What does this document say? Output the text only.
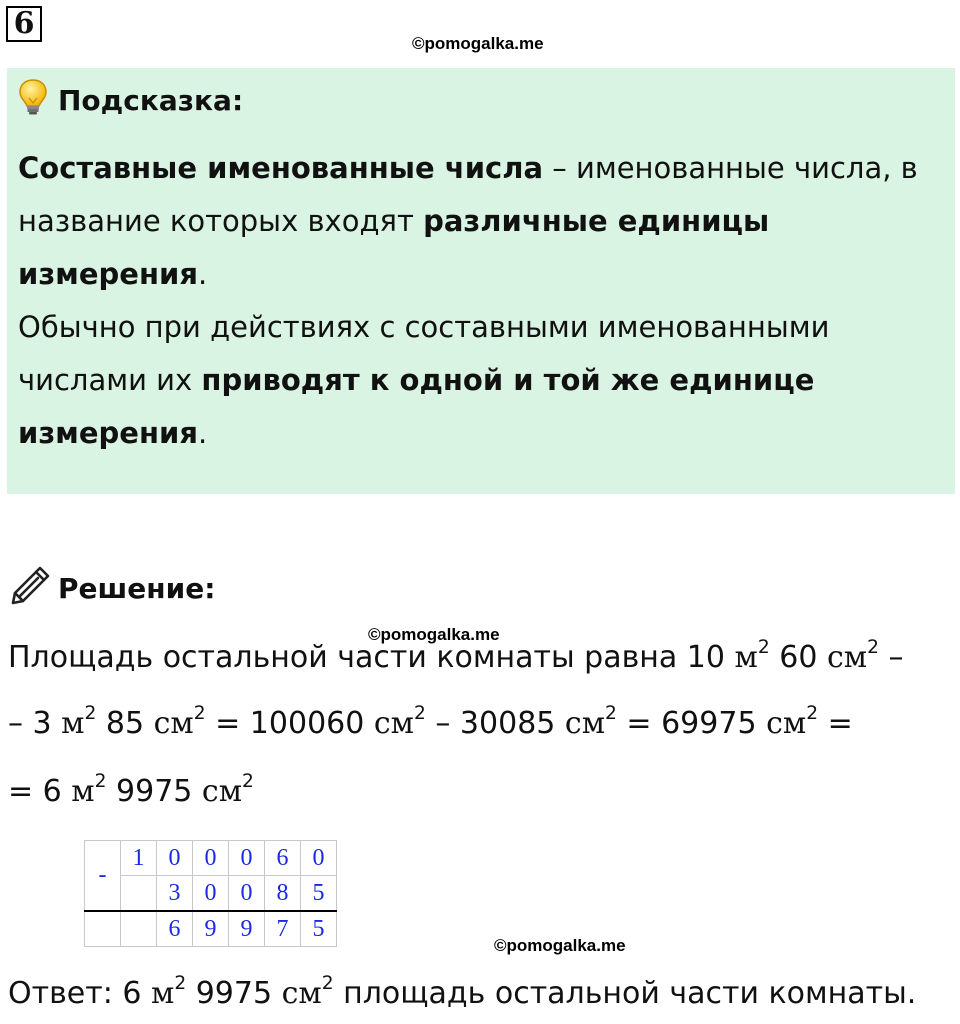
6
©pomogalka.me
Подсказка:
Составные именованные числа – именованные числа, в название которых входят различные единицы измерения.
Обычно при действиях с составными именованными числами их приводят к одной и той же единице измерения.
Решение:
©pomogalka.me
Площадь остальной части комнаты равна 10 $м^2$ 60 $см^2$ –
– 3 $м^2$ 85 $см^2 = 100060$ $см^2 - 30085$ $см^2 = 69975$ $см^2$ =
= 6 $м^2$ 9975 $см^2$
-	1	0	0	0	6	0
		3	0	0	8	5
		6	9	9	7	5
©pomogalka.me
Ответ: 6 $м^2$ 9975 $см^2$ площадь остальной части комнаты.
